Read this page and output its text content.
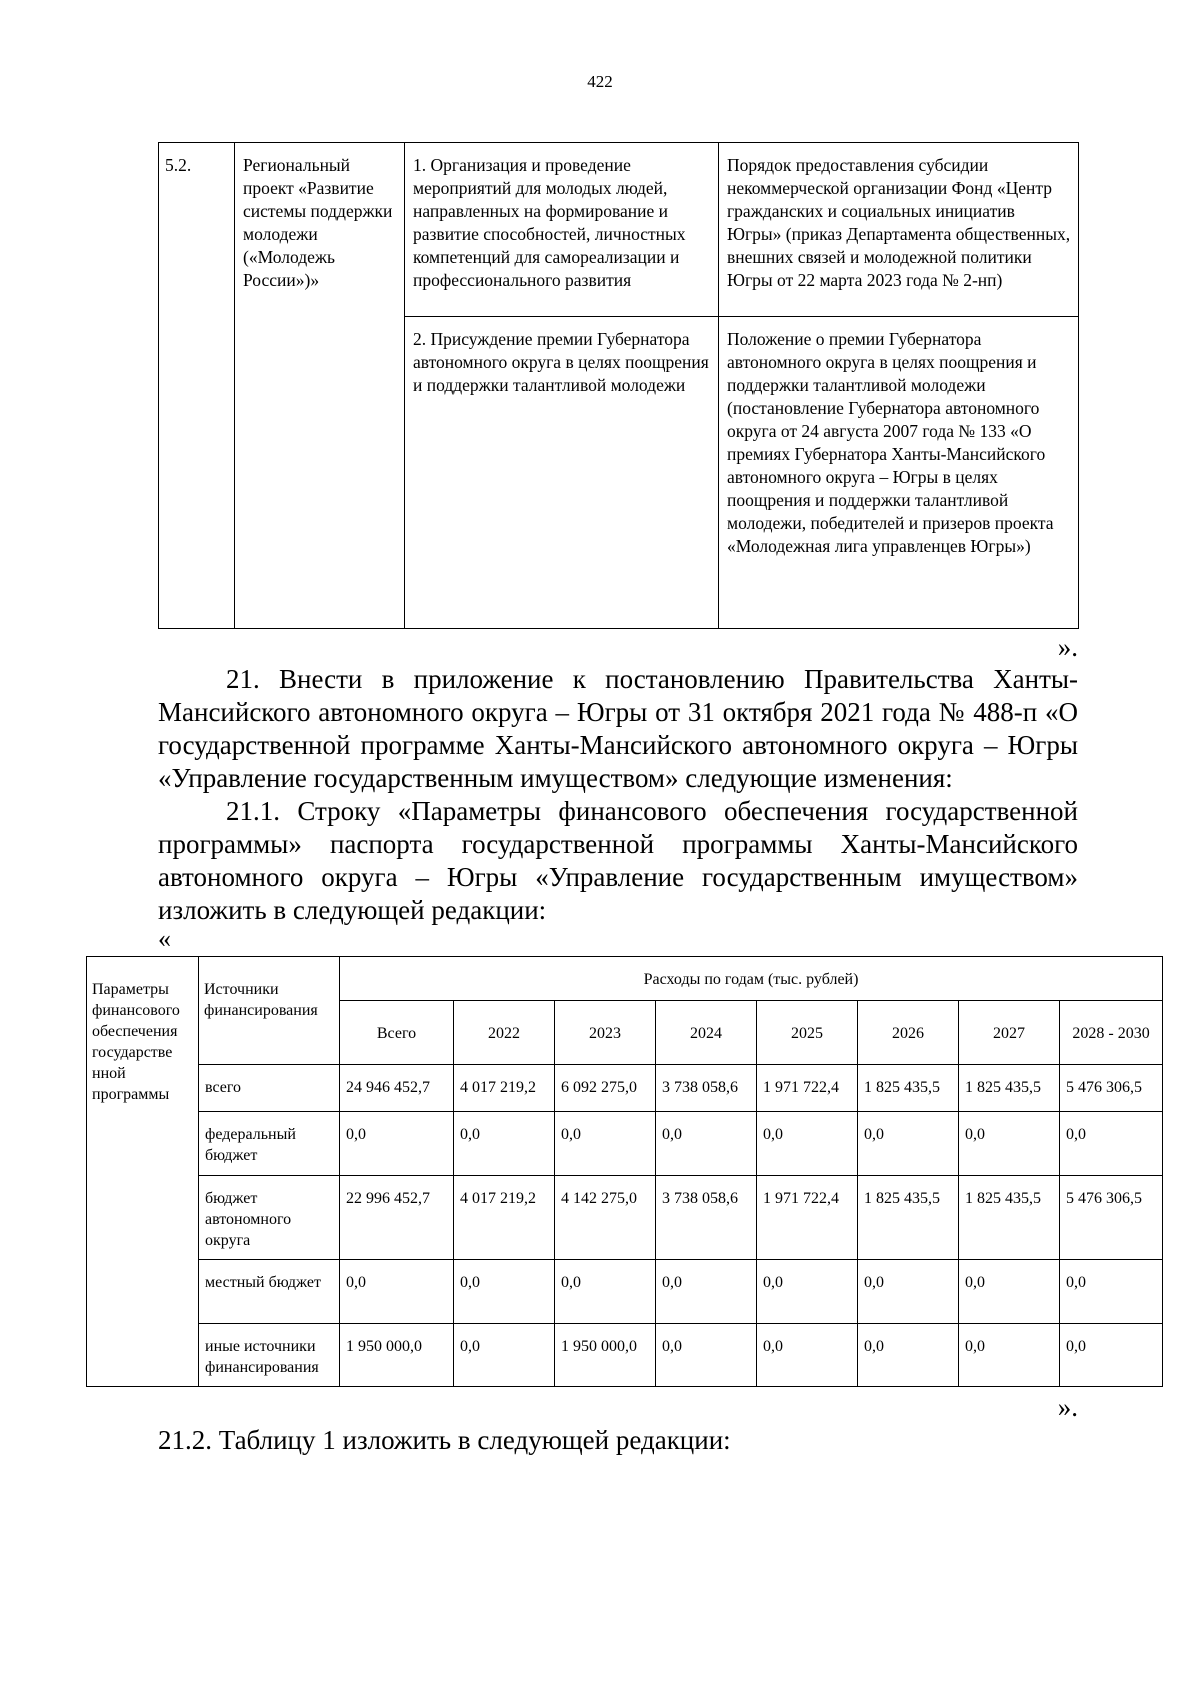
422
5.2.	Региональный проект «Развитие системы поддержки молодежи («Молодежь России»)»	1. Организация и проведение мероприятий для молодых людей, направленных на формирование и развитие способностей, личностных компетенций для самореализации и профессионального развития	Порядок предоставления субсидии некоммерческой организации Фонд «Центр гражданских и социальных инициатив Югры» (приказ Департамента общественных, внешних связей и молодежной политики Югры от 22 марта 2023 года № 2-нп)
		2. Присуждение премии Губернатора автономного округа в целях поощрения и поддержки талантливой молодежи	Положение о премии Губернатора автономного округа в целях поощрения и поддержки талантливой молодежи (постановление Губернатора автономного округа от 24 августа 2007 года № 133 «О премиях Губернатора Ханты-Мансийского автономного округа – Югры в целях поощрения и поддержки талантливой молодежи, победителей и призеров проекта «Молодежная лига управленцев Югры»)
».
21. Внести в приложение к постановлению Правительства Ханты-Мансийского автономного округа – Югры от 31 октября 2021 года № 488-п «О государственной программе Ханты-Мансийского автономного округа – Югры «Управление государственным имуществом» следующие изменения:
21.1. Строку «Параметры финансового обеспечения государственной программы» паспорта государственной программы Ханты-Мансийского автономного округа – Югры «Управление государственным имуществом» изложить в следующей редакции:
«
Параметры финансового обеспечения государстве нной программы	Источники финансирования	Расходы по годам (тыс. рублей)							
		Всего	2022	2023	2024	2025	2026	2027	2028 - 2030
	всего	24 946 452,7	4 017 219,2	6 092 275,0	3 738 058,6	1 971 722,4	1 825 435,5	1 825 435,5	5 476 306,5
	федеральный бюджет	0,0	0,0	0,0	0,0	0,0	0,0	0,0	0,0
	бюджет автономного округа	22 996 452,7	4 017 219,2	4 142 275,0	3 738 058,6	1 971 722,4	1 825 435,5	1 825 435,5	5 476 306,5
	местный бюджет	0,0	0,0	0,0	0,0	0,0	0,0	0,0	0,0
	иные источники финансирования	1 950 000,0	0,0	1 950 000,0	0,0	0,0	0,0	0,0	0,0
».
21.2. Таблицу 1 изложить в следующей редакции:
